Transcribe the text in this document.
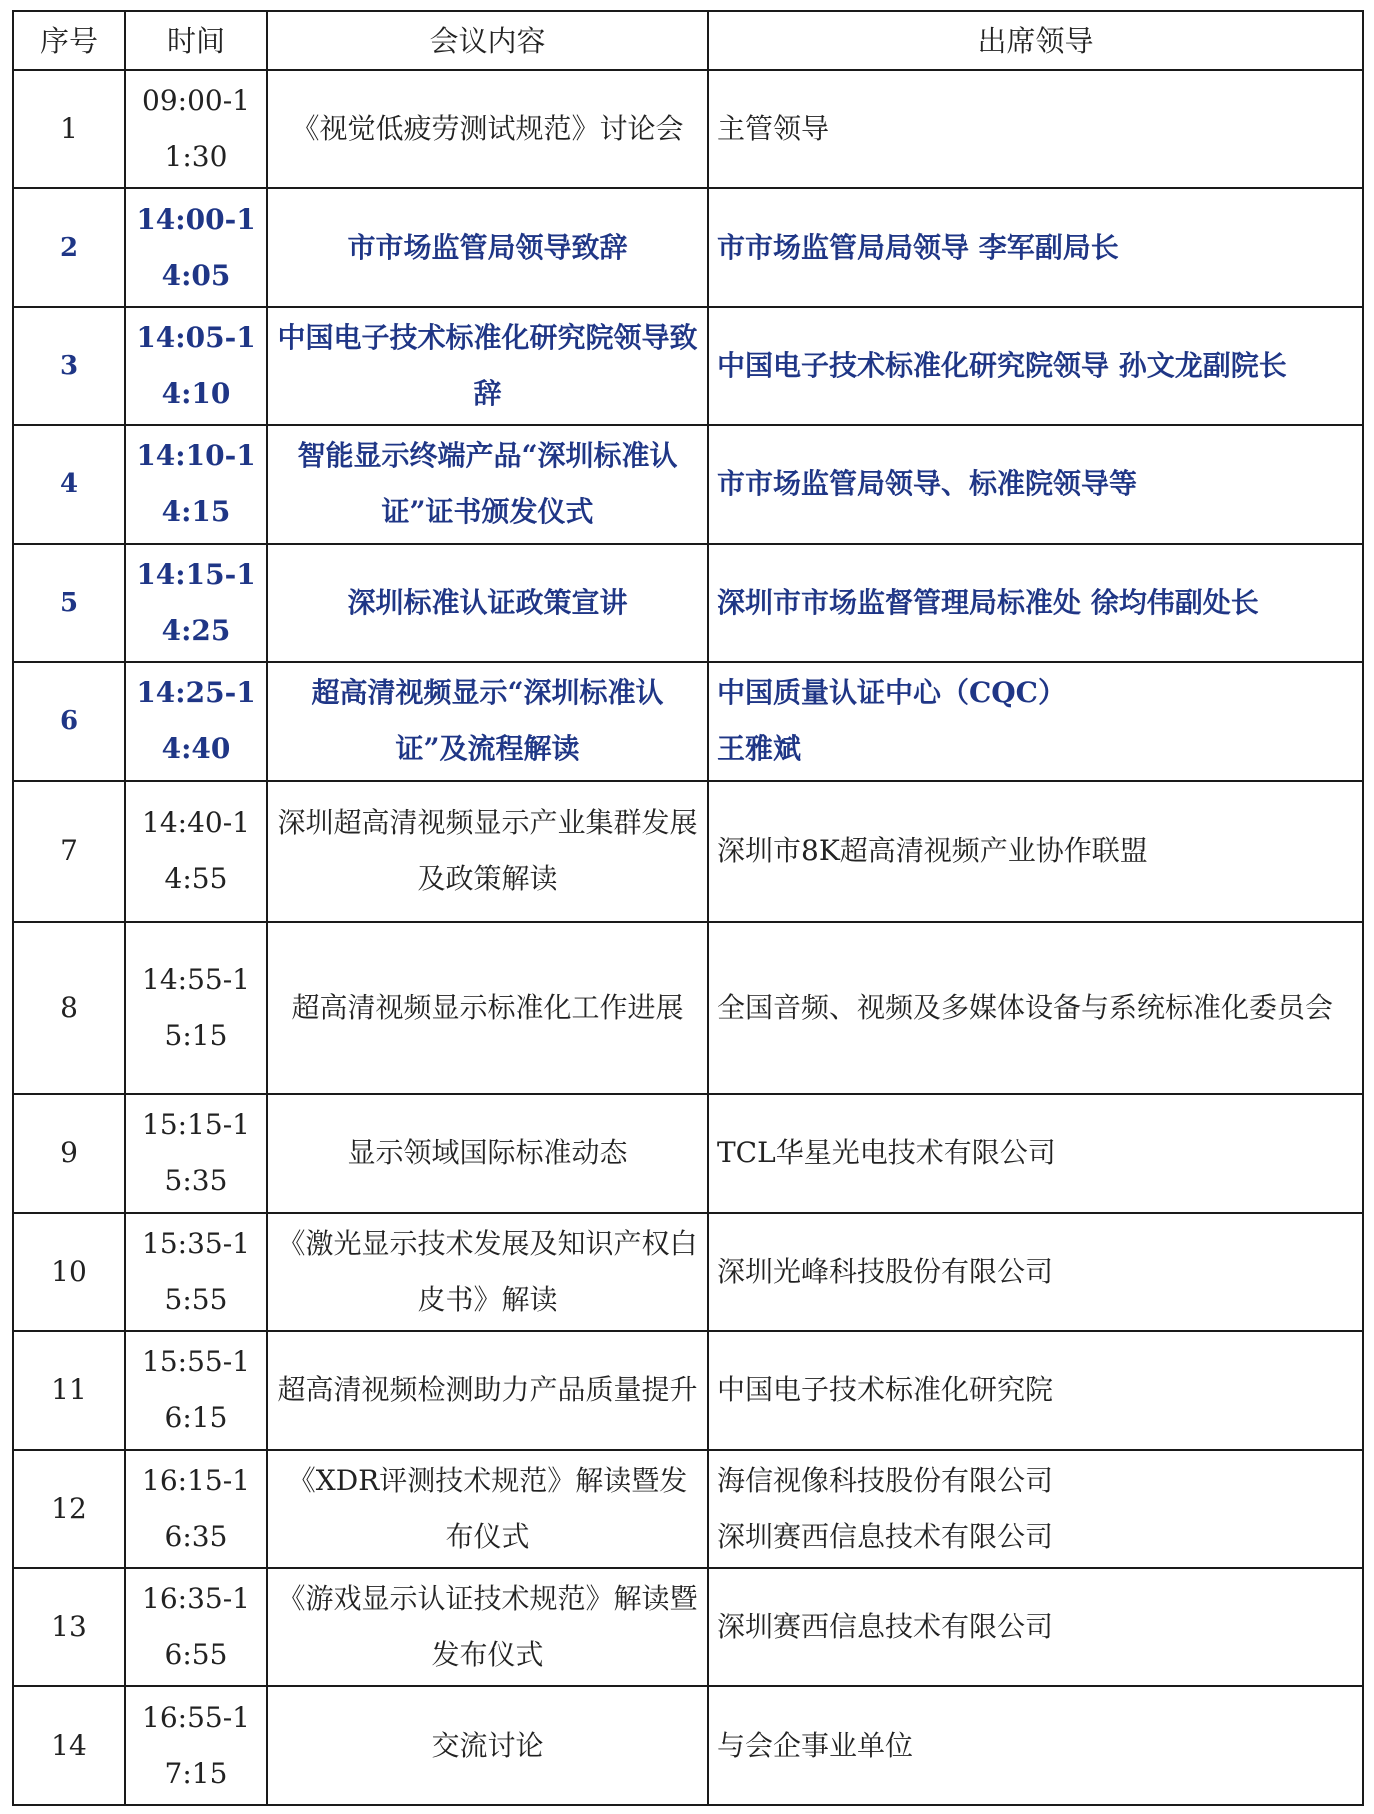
序号	时间	会议内容	出席领导
1	09:00-11:30	《视觉低疲劳测试规范》讨论会	主管领导

2	14:00-14:05	市市场监管局领导致辞	市市场监管局局领导 李军副局长

3	14:05-14:10	中国电子技术标准化研究院领导致辞	中国电子技术标准化研究院领导 孙文龙副院长

4	14:10-14:15	智能显示终端产品“深圳标准认证”证书颁发仪式	市市场监管局领导、标准院领导等

5	14:15-14:25	深圳标准认证政策宣讲	深圳市市场监督管理局标准处 徐均伟副处长

6	14:25-14:40	超高清视频显示“深圳标准认证”及流程解读	中国质量认证中心（CQC）
王雅斌

7	14:40-14:55	深圳超高清视频显示产业集群发展及政策解读	深圳市8K超高清视频产业协作联盟

8	14:55-15:15	超高清视频显示标准化工作进展	全国音频、视频及多媒体设备与系统标准化委员会

9	15:15-15:35	显示领域国际标准动态	TCL华星光电技术有限公司

10	15:35-15:55	《激光显示技术发展及知识产权白皮书》解读	深圳光峰科技股份有限公司

11	15:55-16:15	超高清视频检测助力产品质量提升	中国电子技术标准化研究院

12	16:15-16:35	《XDR评测技术规范》解读暨发布仪式	海信视像科技股份有限公司
深圳赛西信息技术有限公司

13	16:35-16:55	《游戏显示认证技术规范》解读暨发布仪式	深圳赛西信息技术有限公司

14	16:55-17:15	交流讨论	与会企事业单位
